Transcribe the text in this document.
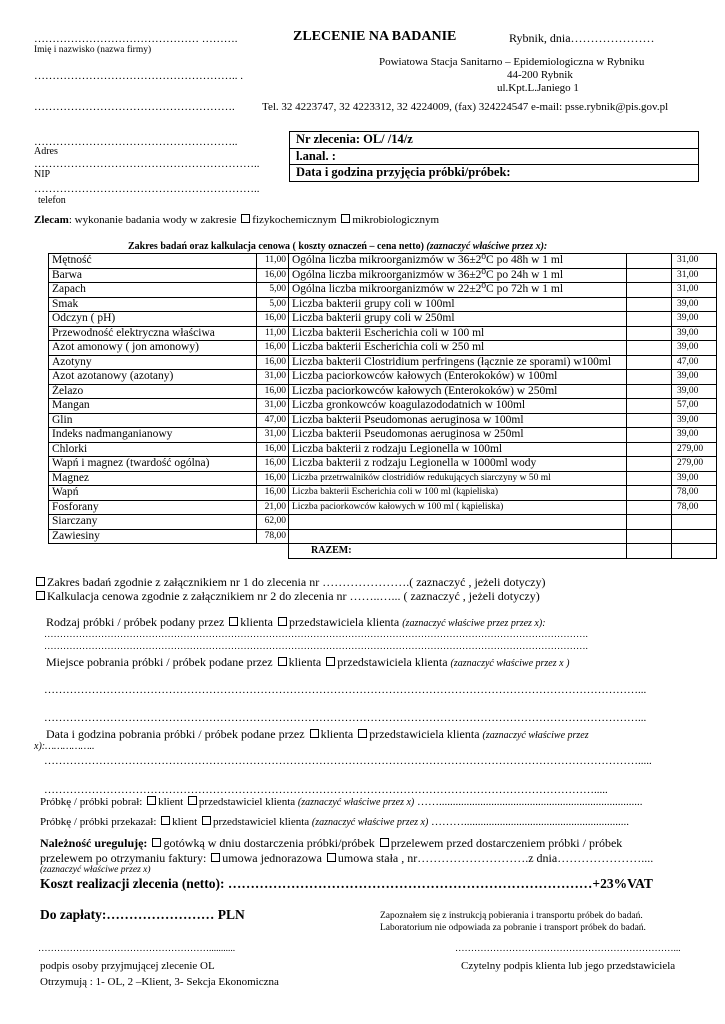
……………………………………… ……….
Imię i nazwisko (nazwa firmy)
ZLECENIE NA BADANIE	Rybnik, dnia…………………
……………………………………………….. .
Powiatowa Stacja Sanitarno – Epidemiologiczna w Rybniku
44-200 Rybnik
ul.Kpt.L.Janiego 1
………………………………………………. Tel. 32 4223747, 32 4223312, 32 4224009, (fax) 324224547 e-mail: psse.rybnik@pis.gov.pl
………………………………………………..
Adres
……………………………………………………..
NIP
……………………………………………………..
telefon
Nr zlecenia: OL/ /14/z
l.anal. :
Data i godzina przyjęcia próbki/próbek:
Zlecam: wykonanie badania wody w zakresie fizykochemicznym mikrobiologicznym
Zakres badań oraz kalkulacja cenowa ( koszty oznaczeń – cena netto) (zaznaczyć właściwe przez x):
Mętność	11,00	Ogólna liczba mikroorganizmów w 36±2⁰C po 48h w 1 ml		31,00
Barwa	16,00	Ogólna liczba mikroorganizmów w 36±2⁰C po 24h w 1 ml		31,00
Zapach	5,00	Ogólna liczba mikroorganizmów w 22±2⁰C po 72h w 1 ml		31,00
Smak	5,00	Liczba bakterii grupy coli w 100ml		39,00
Odczyn ( pH)	16,00	Liczba bakterii grupy coli w 250ml		39,00
Przewodność elektryczna właściwa	11,00	Liczba bakterii Escherichia coli w 100 ml		39,00
Azot amonowy ( jon amonowy)	16,00	Liczba bakterii Escherichia coli w 250 ml		39,00
Azotyny	16,00	Liczba bakterii Clostridium perfringens (łącznie ze sporami) w100ml		47,00
Azot azotanowy (azotany)	31,00	Liczba paciorkowców kałowych (Enterokoków) w 100ml		39,00
Żelazo	16,00	Liczba paciorkowców kałowych (Enterokoków) w 250ml		39,00
Mangan	31,00	Liczba gronkowców koagulazododatnich w 100ml		57,00
Glin	47,00	Liczba bakterii Pseudomonas aeruginosa w 100ml		39,00
Indeks nadmanganianowy	31,00	Liczba bakterii Pseudomonas aeruginosa w 250ml		39,00
Chlorki	16,00	Liczba bakterii z rodzaju Legionella w 100ml		279,00
Wapń i magnez (twardość ogólna)	16,00	Liczba bakterii z rodzaju Legionella w 1000ml wody		279,00
Magnez	16,00	Liczba przetrwalników clostridiów redukujących siarczyny w 50 ml		39,00
Wapń	16,00	Liczba bakterii Escherichia coli w 100 ml (kąpieliska)		78,00
Fosforany	21,00	Liczba paciorkowców kałowych w 100 ml ( kąpieliska)		78,00
Siarczany	62,00			
Zawiesiny	78,00			
		RAZEM:		
Zakres badań zgodnie z załącznikiem nr 1 do zlecenia nr ………………….( zaznaczyć , jeżeli dotyczy)
Kalkulacja cenowa zgodnie z załącznikiem nr 2 do zlecenia nr ……..…... ( zaznaczyć , jeżeli dotyczy)
Rodzaj próbki / próbek podany przez klienta przedstawiciela klienta (zaznaczyć właściwe przez przez x):
……………………………………………………………………………………………………………………………………………………….
……………………………………………………………………………………………………………………………………………………….
Miejsce pobrania próbki / próbek podane przez klienta przedstawiciela klienta (zaznaczyć właściwe przez x )
………………………………………………………………………………………………………………………………………………...
………………………………………………………………………………………………………………………………………………...
Data i godzina pobrania próbki / próbek podane przez klienta przedstawiciela klienta (zaznaczyć właściwe przez
x):……………..
……………………………………………………………………………………………………………………………………………….....
…………………………………………………………………………………………………………………………………….....
Próbkę / próbki pobrał: klient przedstawiciel klienta (zaznaczyć właściwe przez x) ……..........................................................................
Próbkę / próbki przekazał: klient przedstawiciel klienta (zaznaczyć właściwe przez x) ………............................................................
Należność ureguluję: gotówką w dniu dostarczenia próbki/próbek przelewem przed dostarczeniem próbki / próbek
przelewem po otrzymaniu faktury: umowa jednorazowa umowa stała , nr……………………….z dnia…………………....
(zaznaczyć właściwe przez x)
Koszt realizacji zlecenia (netto): ………………………………………………………………………+23%VAT
Do zapłaty:…………………… PLN	Zapoznałem się z instrukcją pobierania i transportu próbek do badań.
Laboratorium nie odpowiada za pobranie i transport próbek do badań.
………………………………………………...........
podpis osoby przyjmującej zlecenie OL
……………………………………………………………...
Czytelny podpis klienta lub jego przedstawiciela
Otrzymują : 1- OL, 2 –Klient, 3- Sekcja Ekonomiczna
